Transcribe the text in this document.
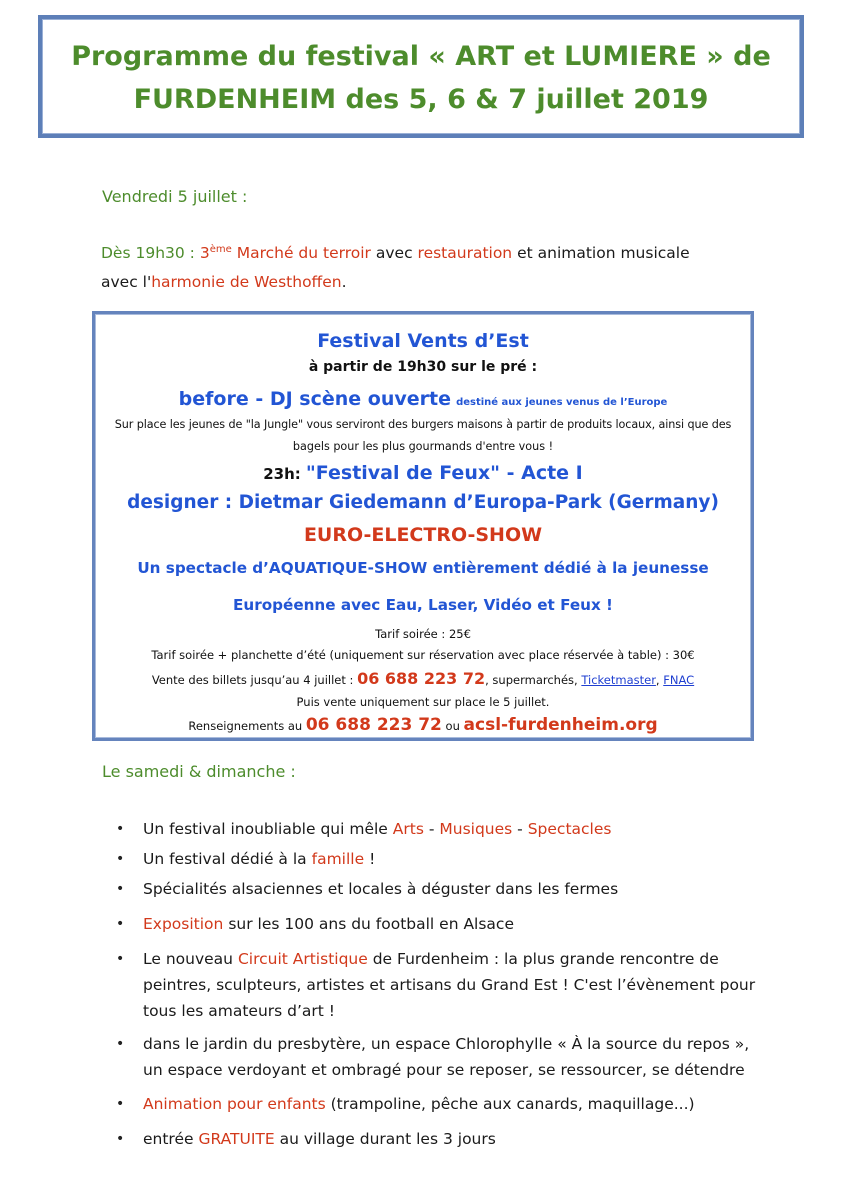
Programme du festival « ART et LUMIERE » de
FURDENHEIM des 5, 6 & 7 juillet 2019
Vendredi 5 juillet :
Dès 19h30 : 3ème Marché du terroir avec restauration et animation musicale
avec l'harmonie de Westhoffen.
Festival Vents d’Est
à partir de 19h30 sur le pré :
before - DJ scène ouverte destiné aux jeunes venus de l’Europe
Sur place les jeunes de "la Jungle" vous serviront des burgers maisons à partir de produits locaux, ainsi que des
bagels pour les plus gourmands d'entre vous !
23h: "Festival de Feux" - Acte I
designer : Dietmar Giedemann d’Europa-Park (Germany)
EURO-ELECTRO-SHOW
Un spectacle d’AQUATIQUE-SHOW entièrement dédié à la jeunesse
Européenne avec Eau, Laser, Vidéo et Feux !
Tarif soirée : 25€
Tarif soirée + planchette d’été (uniquement sur réservation avec place réservée à table) : 30€
Vente des billets jusqu’au 4 juillet : 06 688 223 72, supermarchés, Ticketmaster, FNAC
Puis vente uniquement sur place le 5 juillet.
Renseignements au 06 688 223 72 ou acsl-furdenheim.org
Le samedi & dimanche :
• Un festival inoubliable qui mêle Arts - Musiques - Spectacles
• Un festival dédié à la famille !
• Spécialités alsaciennes et locales à déguster dans les fermes
• Exposition sur les 100 ans du football en Alsace
• Le nouveau Circuit Artistique de Furdenheim : la plus grande rencontre de
peintres, sculpteurs, artistes et artisans du Grand Est ! C'est l’évènement pour
tous les amateurs d’art !
• dans le jardin du presbytère, un espace Chlorophylle « À la source du repos »,
un espace verdoyant et ombragé pour se reposer, se ressourcer, se détendre
• Animation pour enfants (trampoline, pêche aux canards, maquillage...)
• entrée GRATUITE au village durant les 3 jours
